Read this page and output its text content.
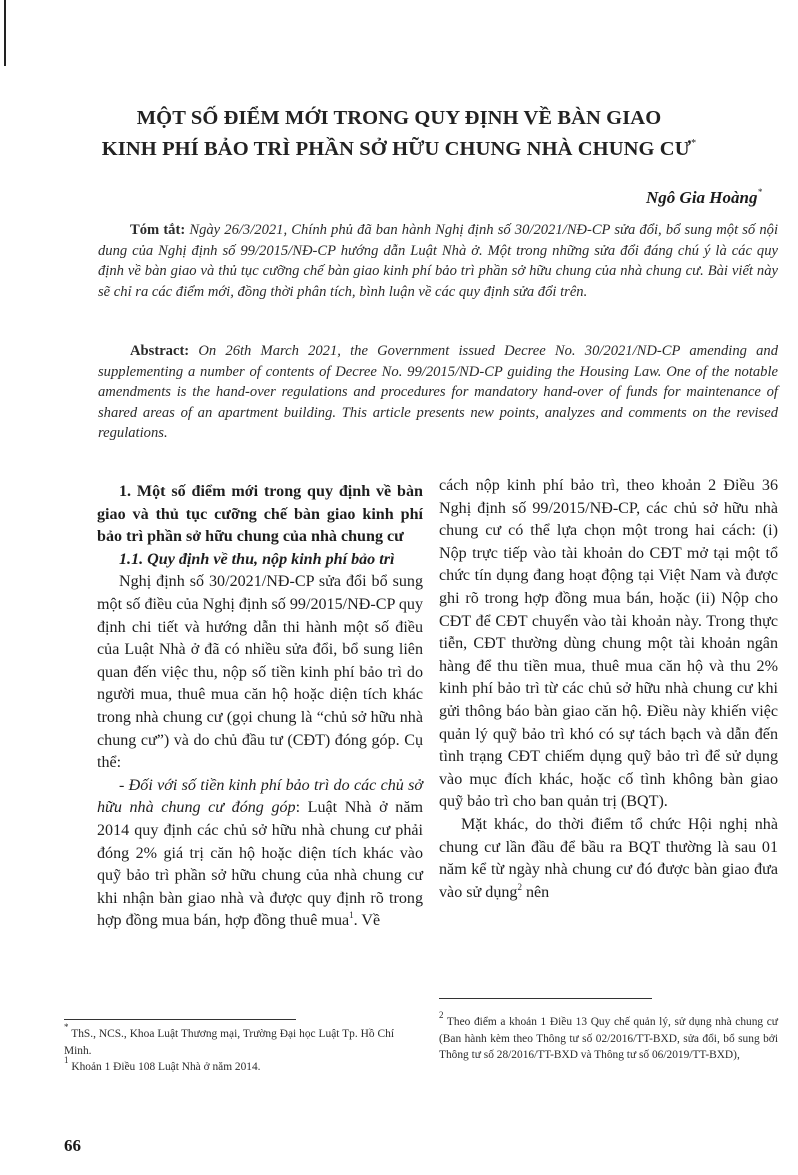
MỘT SỐ ĐIỂM MỚI TRONG QUY ĐỊNH VỀ BÀN GIAO
KINH PHÍ BẢO TRÌ PHẦN SỞ HỮU CHUNG NHÀ CHUNG CƯ*
Ngô Gia Hoàng*

Tóm tắt: Ngày 26/3/2021, Chính phủ đã ban hành Nghị định số 30/2021/NĐ-CP sửa đổi, bổ sung một số nội dung của Nghị định số 99/2015/NĐ-CP hướng dẫn Luật Nhà ở. Một trong những sửa đổi đáng chú ý là các quy định về bàn giao và thủ tục cưỡng chế bàn giao kinh phí bảo trì phần sở hữu chung của nhà chung cư. Bài viết này sẽ chỉ ra các điểm mới, đồng thời phân tích, bình luận về các quy định sửa đổi trên.

Abstract: On 26th March 2021, the Government issued Decree No. 30/2021/ND-CP amending and supplementing a number of contents of Decree No. 99/2015/ND-CP guiding the Housing Law. One of the notable amendments is the hand-over regulations and procedures for mandatory hand-over of funds for maintenance of shared areas of an apartment building. This article presents new points, analyzes and comments on the revised regulations.

1. Một số điểm mới trong quy định về bàn giao và thủ tục cưỡng chế bàn giao kinh phí bảo trì phần sở hữu chung của nhà chung cư

1.1. Quy định về thu, nộp kinh phí bảo trì

Nghị định số 30/2021/NĐ-CP sửa đổi bổ sung một số điều của Nghị định số 99/2015/NĐ-CP quy định chi tiết và hướng dẫn thi hành một số điều của Luật Nhà ở đã có nhiều sửa đổi, bổ sung liên quan đến việc thu, nộp số tiền kinh phí bảo trì do người mua, thuê mua căn hộ hoặc diện tích khác trong nhà chung cư (gọi chung là “chủ sở hữu nhà chung cư”) và do chủ đầu tư (CĐT) đóng góp. Cụ thể:

- Đối với số tiền kinh phí bảo trì do các chủ sở hữu nhà chung cư đóng góp: Luật Nhà ở năm 2014 quy định các chủ sở hữu nhà chung cư phải đóng 2% giá trị căn hộ hoặc diện tích khác vào quỹ bảo trì phần sở hữu chung của nhà chung cư khi nhận bàn giao nhà và được quy định rõ trong hợp đồng mua bán, hợp đồng thuê mua$^1$. Về

cách nộp kinh phí bảo trì, theo khoản 2 Điều 36 Nghị định số 99/2015/NĐ-CP, các chủ sở hữu nhà chung cư có thể lựa chọn một trong hai cách: (i) Nộp trực tiếp vào tài khoản do CĐT mở tại một tổ chức tín dụng đang hoạt động tại Việt Nam và được ghi rõ trong hợp đồng mua bán, hoặc (ii) Nộp cho CĐT để CĐT chuyển vào tài khoản này. Trong thực tiễn, CĐT thường dùng chung một tài khoản ngân hàng để thu tiền mua, thuê mua căn hộ và thu 2% kinh phí bảo trì từ các chủ sở hữu nhà chung cư khi gửi thông báo bàn giao căn hộ. Điều này khiến việc quản lý quỹ bảo trì khó có sự tách bạch và dẫn đến tình trạng CĐT chiếm dụng quỹ bảo trì để sử dụng vào mục đích khác, hoặc cố tình không bàn giao quỹ bảo trì cho ban quản trị (BQT).

Mặt khác, do thời điểm tổ chức Hội nghị nhà chung cư lần đầu để bầu ra BQT thường là sau 01 năm kể từ ngày nhà chung cư đó được bàn giao đưa vào sử dụng$^2$ nên

* ThS., NCS., Khoa Luật Thương mại, Trường Đại học Luật Tp. Hồ Chí Minh.

$^1$ Khoản 1 Điều 108 Luật Nhà ở năm 2014.

$^2$ Theo điểm a khoản 1 Điều 13 Quy chế quản lý, sử dụng nhà chung cư (Ban hành kèm theo Thông tư số 02/2016/TT-BXD, sửa đổi, bổ sung bởi Thông tư số 28/2016/TT-BXD và Thông tư số 06/2019/TT-BXD),

66
